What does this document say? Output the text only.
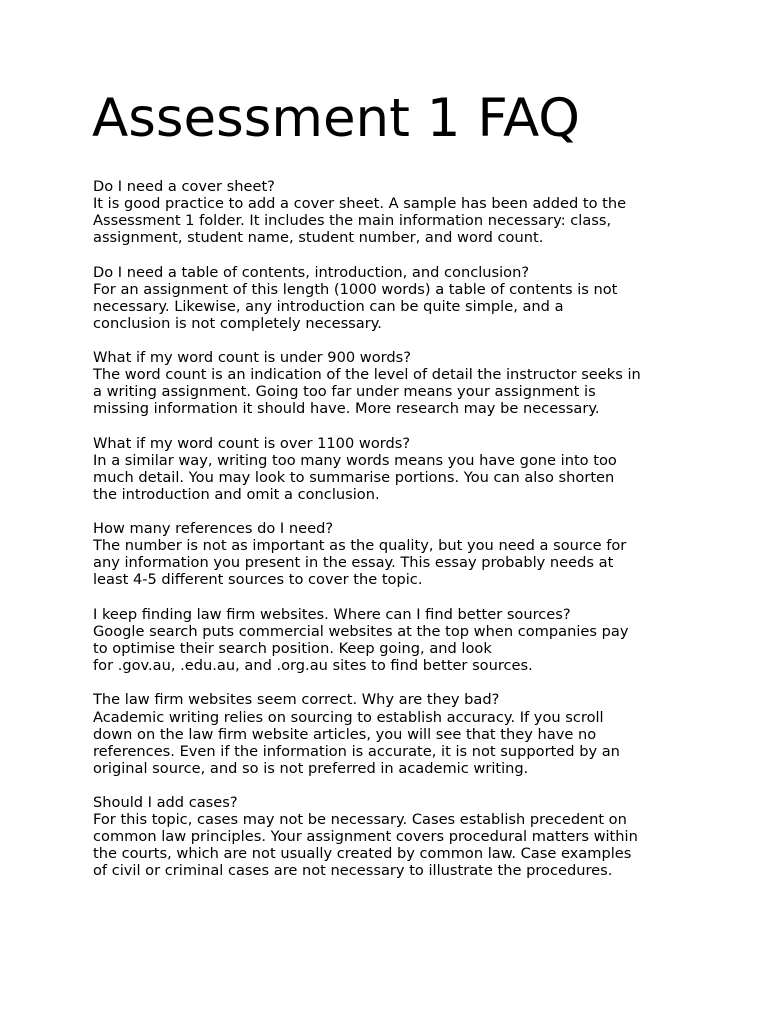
Assessment 1 FAQ
Do I need a cover sheet?
It is good practice to add a cover sheet. A sample has been added to the
Assessment 1 folder. It includes the main information necessary: class,
assignment, student name, student number, and word count.
Do I need a table of contents, introduction, and conclusion?
For an assignment of this length (1000 words) a table of contents is not
necessary. Likewise, any introduction can be quite simple, and a
conclusion is not completely necessary.
What if my word count is under 900 words?
The word count is an indication of the level of detail the instructor seeks in
a writing assignment. Going too far under means your assignment is
missing information it should have. More research may be necessary.
What if my word count is over 1100 words?
In a similar way, writing too many words means you have gone into too
much detail. You may look to summarise portions. You can also shorten
the introduction and omit a conclusion.
How many references do I need?
The number is not as important as the quality, but you need a source for
any information you present in the essay. This essay probably needs at
least 4-5 different sources to cover the topic.
I keep finding law firm websites. Where can I find better sources?
Google search puts commercial websites at the top when companies pay
to optimise their search position. Keep going, and look
for .gov.au, .edu.au, and .org.au sites to find better sources.
The law firm websites seem correct. Why are they bad?
Academic writing relies on sourcing to establish accuracy. If you scroll
down on the law firm website articles, you will see that they have no
references. Even if the information is accurate, it is not supported by an
original source, and so is not preferred in academic writing.
Should I add cases?
For this topic, cases may not be necessary. Cases establish precedent on
common law principles. Your assignment covers procedural matters within
the courts, which are not usually created by common law. Case examples
of civil or criminal cases are not necessary to illustrate the procedures.
